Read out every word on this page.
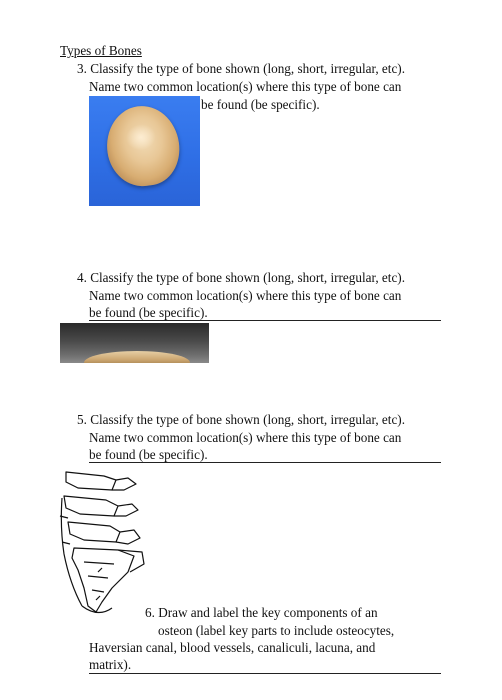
Types of Bones
3. Classify the type of bone shown (long, short, irregular, etc).
Name two common location(s) where this type of bone can
be found (be specific).
4. Classify the type of bone shown (long, short, irregular, etc).
Name two common location(s) where this type of bone can
be found (be specific).
5. Classify the type of bone shown (long, short, irregular, etc).
Name two common location(s) where this type of bone can
be found (be specific).
6. Draw and label the key components of an
osteon (label key parts to include osteocytes,
Haversian canal, blood vessels, canaliculi, lacuna, and
matrix).
